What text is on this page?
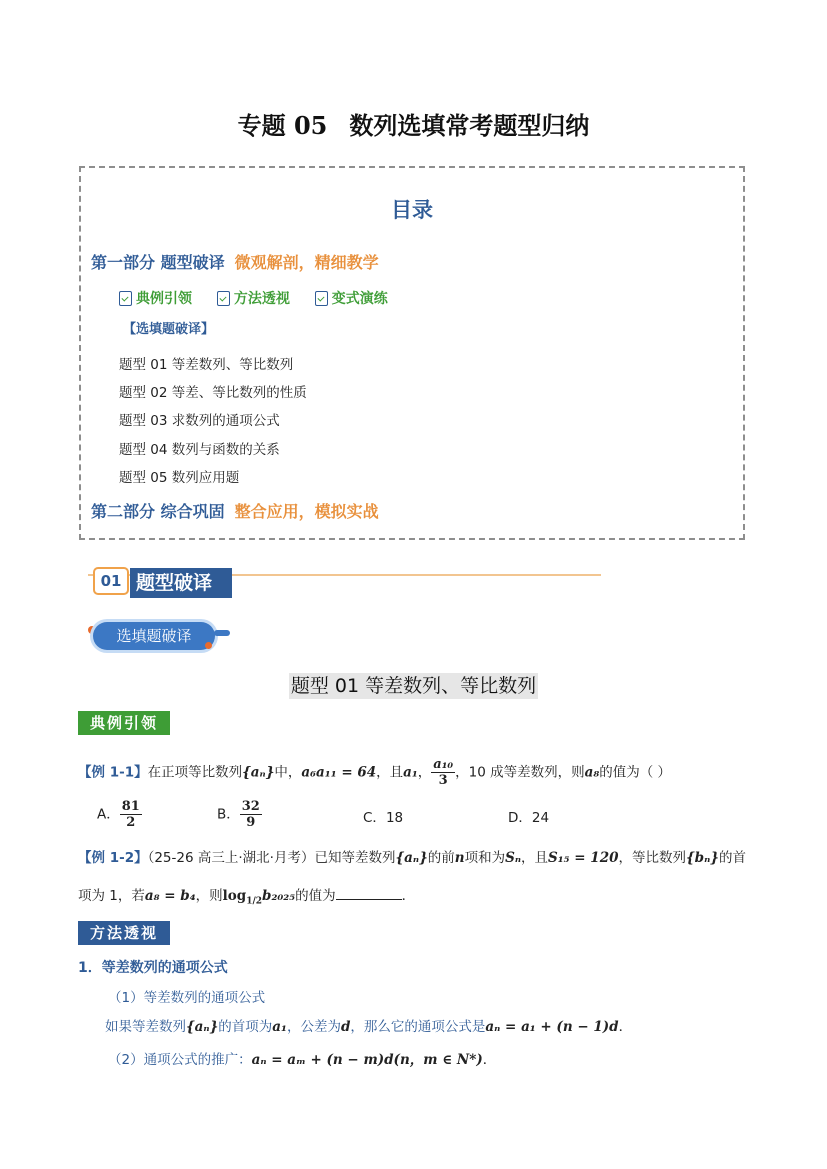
专题 05 数列选填常考题型归纳
目录
第一部分 题型破译 微观解剖，精细教学
典例引领
	方法透视
	变式演练
【选填题破译】
题型 01 等差数列、等比数列
题型 02 等差、等比数列的性质
题型 03 求数列的通项公式
题型 04 数列与函数的关系
题型 05 数列应用题
第二部分 综合巩固 整合应用，模拟实战
题型破译
01
选填题破译
题型 01 等差数列、等比数列
典例引领
【例 1-1】在正项等比数列{aₙ}中，a₆a₁₁ = 64，且a₁， $\frac{\text{a₁₀}}{3}$ ，10 成等差数列，则a₈的值为（ ）
A． $\frac{81}{2}$	B． $\frac{32}{9}$	C．18	D．24
【例 1-2】（25-26 高三上·湖北·月考）已知等差数列{aₙ}的前n项和为Sₙ，且S₁₅ = 120，等比数列{bₙ}的首
项为 1，若a₈ = b₄，则$\log_{1/2}b_{2025}$的值为	．
方法透视
1．等差数列的通项公式
（1）等差数列的通项公式
如果等差数列{aₙ}的首项为a₁，公差为d，那么它的通项公式是aₙ = a₁ + (n − 1)d．
（2）通项公式的推广：aₙ = aₘ + (n − m)d(n，m ∈ N*)．
